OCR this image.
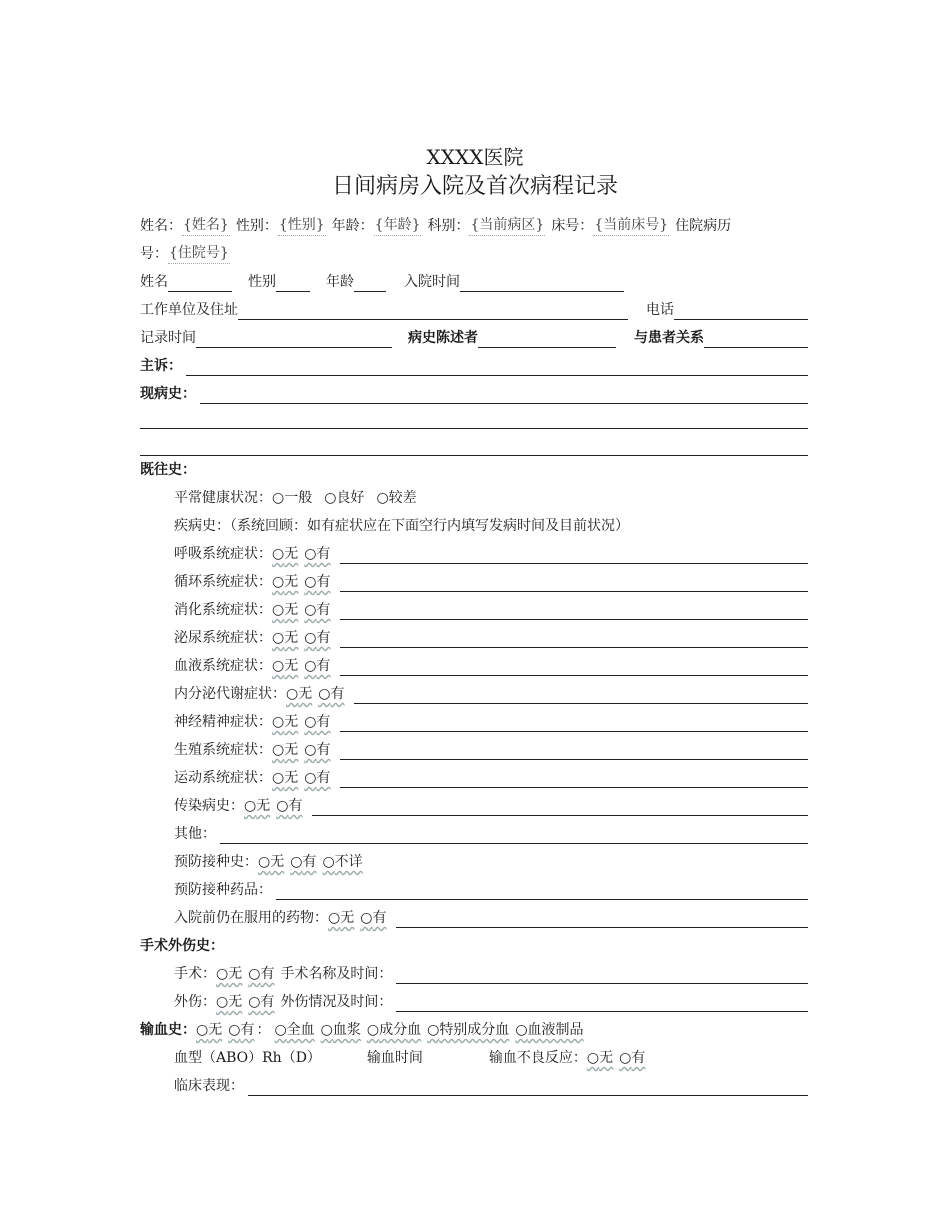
XXXX医院
日间病房入院及首次病程记录
姓名： {姓名} 性别： {性别} 年龄： {年龄} 科别： {当前病区} 床号： {当前床号} 住院病历
号： {住院号}
姓名	性别	年龄	入院时间
工作单位及住址	电话
记录时间	病史陈述者	与患者关系
主诉：
现病史：
既往史：
平常健康状况： ○一般 ○良好 ○较差
疾病史：（系统回顾：如有症状应在下面空行内填写发病时间及目前状况）
呼吸系统症状： ○无 ○有
循环系统症状： ○无 ○有
消化系统症状： ○无 ○有
泌尿系统症状： ○无 ○有
血液系统症状： ○无 ○有
内分泌代谢症状： ○无 ○有
神经精神症状： ○无 ○有
生殖系统症状： ○无 ○有
运动系统症状： ○无 ○有
传染病史： ○无 ○有
其他：
预防接种史： ○无 ○有 ○不详
预防接种药品：
入院前仍在服用的药物： ○无 ○有
手术外伤史：
手术： ○无 ○有 手术名称及时间：
外伤： ○无 ○有 外伤情况及时间：
输血史： ○无 ○有 ： ○全血 ○血浆 ○成分血 ○特别成分血 ○血液制品
血型（ABO）Rh（D）	输血时间	输血不良反应： ○无 ○有
临床表现：
